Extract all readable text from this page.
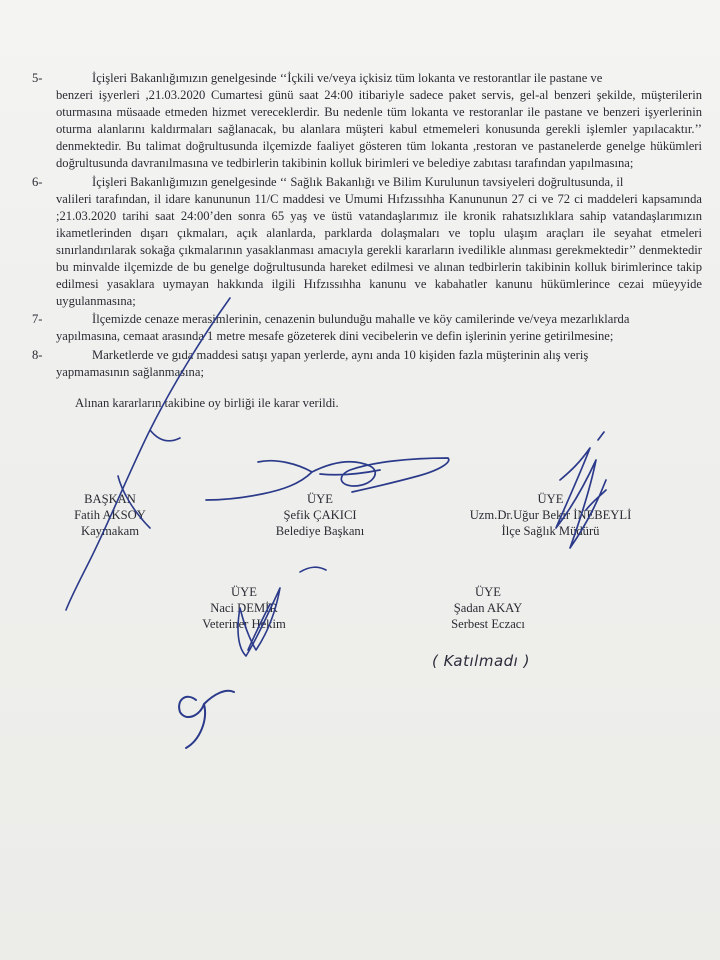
5-	İçişleri Bakanlığımızın genelgesinde ‘‘İçkili ve/veya içkisiz tüm lokanta ve restorantlar ile pastane ve
benzeri işyerleri ,21.03.2020 Cumartesi günü saat 24:00 itibariyle sadece paket servis, gel-al benzeri şekilde, müşterilerin oturmasına müsaade etmeden hizmet vereceklerdir. Bu nedenle tüm lokanta ve restoranlar ile pastane ve benzeri işyerlerinin oturma alanlarını kaldırmaları sağlanacak, bu alanlara müşteri kabul etmemeleri konusunda gerekli işlemler yapılacaktır.’’ denmektedir. Bu talimat doğrultusunda ilçemizde faaliyet gösteren tüm lokanta ,restoran ve pastanelerde genelge hükümleri doğrultusunda davranılmasına ve tedbirlerin takibinin kolluk birimleri ve belediye zabıtası tarafından yapılmasına;
6-	İçişleri Bakanlığımızın genelgesinde ‘‘ Sağlık Bakanlığı ve Bilim Kurulunun tavsiyeleri doğrultusunda, il
valileri tarafından, il idare kanununun 11/C maddesi ve Umumi Hıfzıssıhha Kanununun 27 ci ve 72 ci maddeleri kapsamında ;21.03.2020 tarihi saat 24:00’den sonra 65 yaş ve üstü vatandaşlarımız ile kronik rahatsızlıklara sahip vatandaşlarımızın ikametlerinden dışarı çıkmaları, açık alanlarda, parklarda dolaşmaları ve toplu ulaşım araçları ile seyahat etmeleri sınırlandırılarak sokağa çıkmalarının yasaklanması amacıyla gerekli kararların ivedilikle alınması gerekmektedir’’ denmektedir bu minvalde ilçemizde de bu genelge doğrultusunda hareket edilmesi ve alınan tedbirlerin takibinin kolluk birimlerince takip edilmesi yasaklara uymayan hakkında ilgili Hıfzıssıhha kanunu ve kabahatler kanunu hükümlerince cezai müeyyide uygulanmasına;
7-	İlçemizde cenaze merasimlerinin, cenazenin bulunduğu mahalle ve köy camilerinde ve/veya mezarlıklarda
yapılmasına, cemaat arasında 1 metre mesafe gözeterek dini vecibelerin ve defin işlerinin yerine getirilmesine;
8-	Marketlerde ve gıda maddesi satışı yapan yerlerde, aynı anda 10 kişiden fazla müşterinin alış veriş
yapmamasının sağlanmasına;
Alınan kararların takibine oy birliği ile karar verildi.
BAŞKAN
Fatih AKSOY
Kaymakam
ÜYE
Şefik ÇAKICI
Belediye Başkanı
ÜYE
Uzm.Dr.Uğur Bekir İNEBEYLİ
İlçe Sağlık Müdürü
ÜYE
Naci DEMİR
Veteriner Hekim
ÜYE
Şadan AKAY
Serbest Eczacı
( Katılmadı )
